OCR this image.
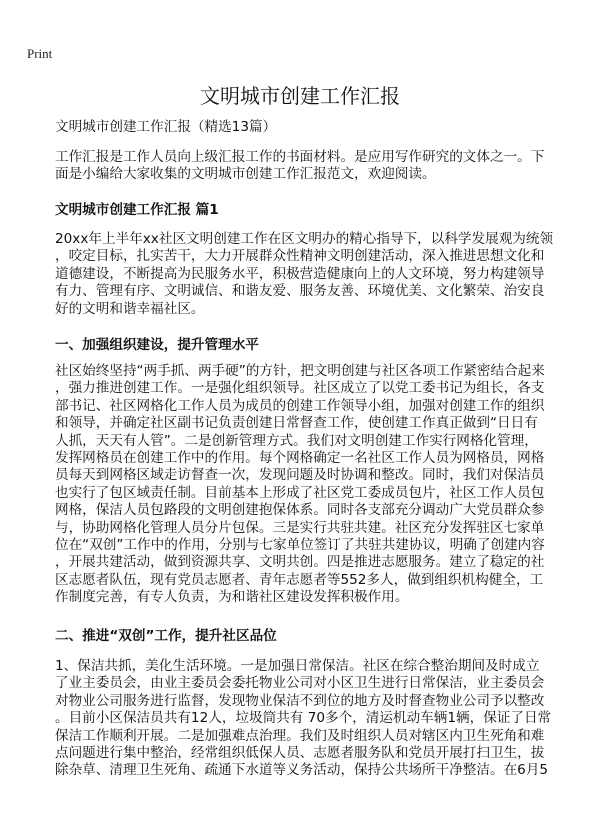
Print
文明城市创建工作汇报
文明城市创建工作汇报（精选13篇）
工作汇报是工作人员向上级汇报工作的书面材料。是应用写作研究的文体之一。下
面是小编给大家收集的文明城市创建工作汇报范文，欢迎阅读。
文明城市创建工作汇报 篇1
20xx年上半年xx社区文明创建工作在区文明办的精心指导下，以科学发展观为统领
，咬定目标，扎实苦干，大力开展群众性精神文明创建活动，深入推进思想文化和
道德建设，不断提高为民服务水平，积极营造健康向上的人文环境，努力构建领导
有力、管理有序、文明诚信、和谐友爱、服务友善、环境优美、文化繁荣、治安良
好的文明和谐幸福社区。
一、加强组织建设，提升管理水平
社区始终坚持“两手抓、两手硬”的方针，把文明创建与社区各项工作紧密结合起来
，强力推进创建工作。一是强化组织领导。社区成立了以党工委书记为组长，各支
部书记、社区网格化工作人员为成员的创建工作领导小组，加强对创建工作的组织
和领导，并确定社区副书记负责创建日常督查工作，使创建工作真正做到“日日有
人抓，天天有人管”。二是创新管理方式。我们对文明创建工作实行网格化管理，
发挥网格员在创建工作中的作用。每个网格确定一名社区工作人员为网格员，网格
员每天到网格区域走访督查一次，发现问题及时协调和整改。同时，我们对保洁员
也实行了包区域责任制。目前基本上形成了社区党工委成员包片，社区工作人员包
网格，保洁人员包路段的文明创建抱保体系。同时各支部充分调动广大党员群众参
与，协助网格化管理人员分片包保。三是实行共驻共建。社区充分发挥驻区七家单
位在“双创”工作中的作用，分别与七家单位签订了共驻共建协议，明确了创建内容
，开展共建活动，做到资源共享、文明共创。四是推进志愿服务。建立了稳定的社
区志愿者队伍，现有党员志愿者、青年志愿者等552多人，做到组织机构健全，工
作制度完善，有专人负责，为和谐社区建设发挥积极作用。
二、推进“双创”工作，提升社区品位
1、保洁共抓，美化生活环境。一是加强日常保洁。社区在综合整治期间及时成立
了业主委员会，由业主委员会委托物业公司对小区卫生进行日常保洁，业主委员会
对物业公司服务进行监督，发现物业保洁不到位的地方及时督查物业公司予以整改
。目前小区保洁员共有12人，垃圾筒共有 70多个，清运机动车辆1辆，保证了日常
保洁工作顺利开展。二是加强难点治理。我们及时组织人员对辖区内卫生死角和难
点问题进行集中整治，经常组织低保人员、志愿者服务队和党员开展打扫卫生，拔
除杂草、清理卫生死角、疏通下水道等义务活动，保持公共场所干净整洁。在6月5
